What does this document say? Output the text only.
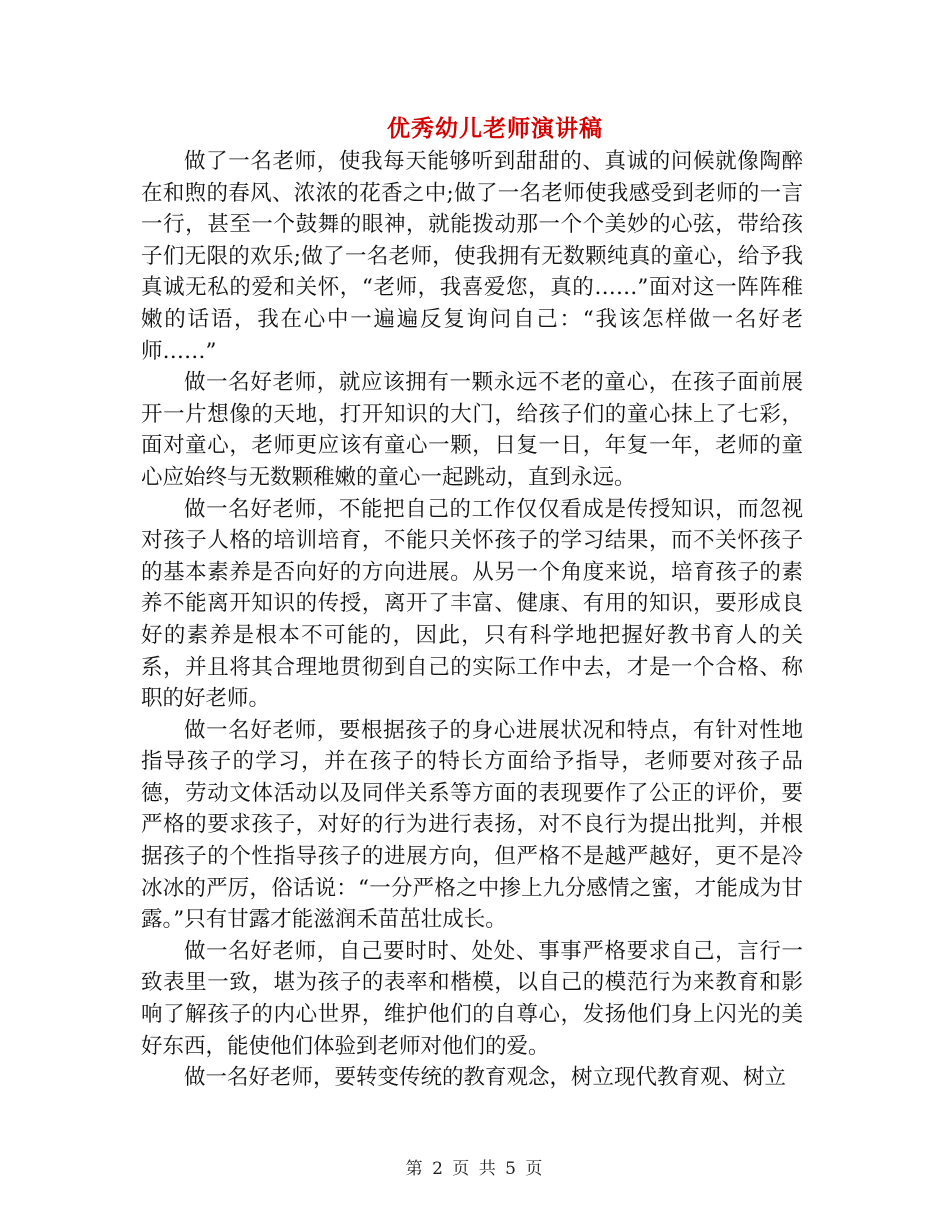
优秀幼儿老师演讲稿

做了一名老师，使我每天能够听到甜甜的、真诚的问候就像陶醉在和煦的春风、浓浓的花香之中;做了一名老师使我感受到老师的一言一行，甚至一个鼓舞的眼神，就能拨动那一个个美妙的心弦，带给孩子们无限的欢乐;做了一名老师，使我拥有无数颗纯真的童心，给予我真诚无私的爱和关怀，“老师，我喜爱您，真的……”面对这一阵阵稚嫩的话语，我在心中一遍遍反复询问自己：“我该怎样做一名好老师……”

做一名好老师，就应该拥有一颗永远不老的童心，在孩子面前展开一片想像的天地，打开知识的大门，给孩子们的童心抹上了七彩，面对童心，老师更应该有童心一颗，日复一日，年复一年，老师的童心应始终与无数颗稚嫩的童心一起跳动，直到永远。

做一名好老师，不能把自己的工作仅仅看成是传授知识，而忽视对孩子人格的培训培育，不能只关怀孩子的学习结果，而不关怀孩子的基本素养是否向好的方向进展。从另一个角度来说，培育孩子的素养不能离开知识的传授，离开了丰富、健康、有用的知识，要形成良好的素养是根本不可能的，因此，只有科学地把握好教书育人的关系，并且将其合理地贯彻到自己的实际工作中去，才是一个合格、称职的好老师。

做一名好老师，要根据孩子的身心进展状况和特点，有针对性地指导孩子的学习，并在孩子的特长方面给予指导，老师要对孩子品德，劳动文体活动以及同伴关系等方面的表现要作了公正的评价，要严格的要求孩子，对好的行为进行表扬，对不良行为提出批判，并根据孩子的个性指导孩子的进展方向，但严格不是越严越好，更不是冷冰冰的严厉，俗话说：“一分严格之中掺上九分感情之蜜，才能成为甘露。”只有甘露才能滋润禾苗茁壮成长。

做一名好老师，自己要时时、处处、事事严格要求自己，言行一致表里一致，堪为孩子的表率和楷模，以自己的模范行为来教育和影响了解孩子的内心世界，维护他们的自尊心，发扬他们身上闪光的美好东西，能使他们体验到老师对他们的爱。

做一名好老师，要转变传统的教育观念，树立现代教育观、树立

第 2 页 共 5 页
